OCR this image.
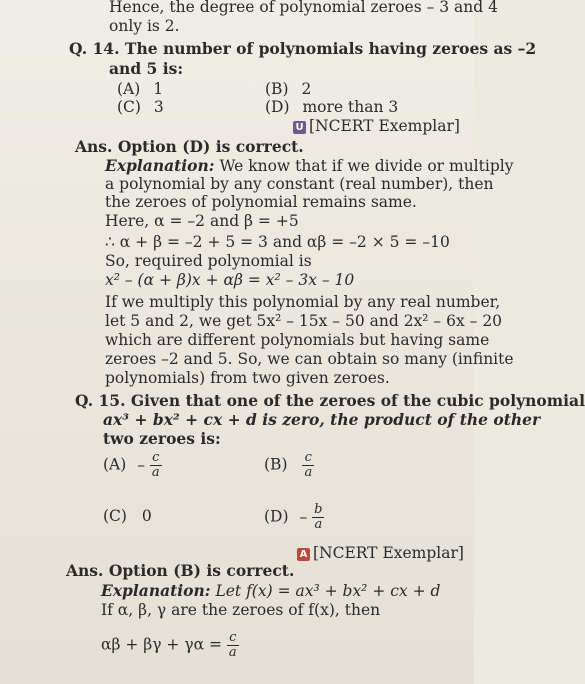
Hence, the degree of polynomial zeroes – 3 and 4
only is 2.
Q. 14. The number of polynomials having zeroes as –2
and 5 is:
(A) 1	(B) 2
(C) 3	(D) more than 3
U [NCERT Exemplar]
Ans. Option (D) is correct.
Explanation: We know that if we divide or multiply
a polynomial by any constant (real number), then
the zeroes of polynomial remains same.
Here, α = –2 and β = +5
∴ α + β = –2 + 5 = 3 and αβ = –2 × 5 = –10
So, required polynomial is
x² – (α + β)x + αβ = x² – 3x – 10
If we multiply this polynomial by any real number,
let 5 and 2, we get 5x² – 15x – 50 and 2x² – 6x – 20
which are different polynomials but having same
zeroes –2 and 5. So, we can obtain so many (infinite
polynomials) from two given zeroes.
Q. 15. Given that one of the zeroes of the cubic polynomial
ax³ + bx² + cx + d is zero, the product of the other
two zeroes is:
$(A) - \frac{c}{a}$	$(B) \frac{c}{a}$
(C) 0	$(D) - \frac{b}{a}$
A [NCERT Exemplar]
Ans. Option (B) is correct.
Explanation: Let f(x) = ax³ + bx² + cx + d
If α, β, γ are the zeroes of f(x), then
$\alpha\beta + \beta\gamma + \gamma\alpha = \frac{c}{a}$
